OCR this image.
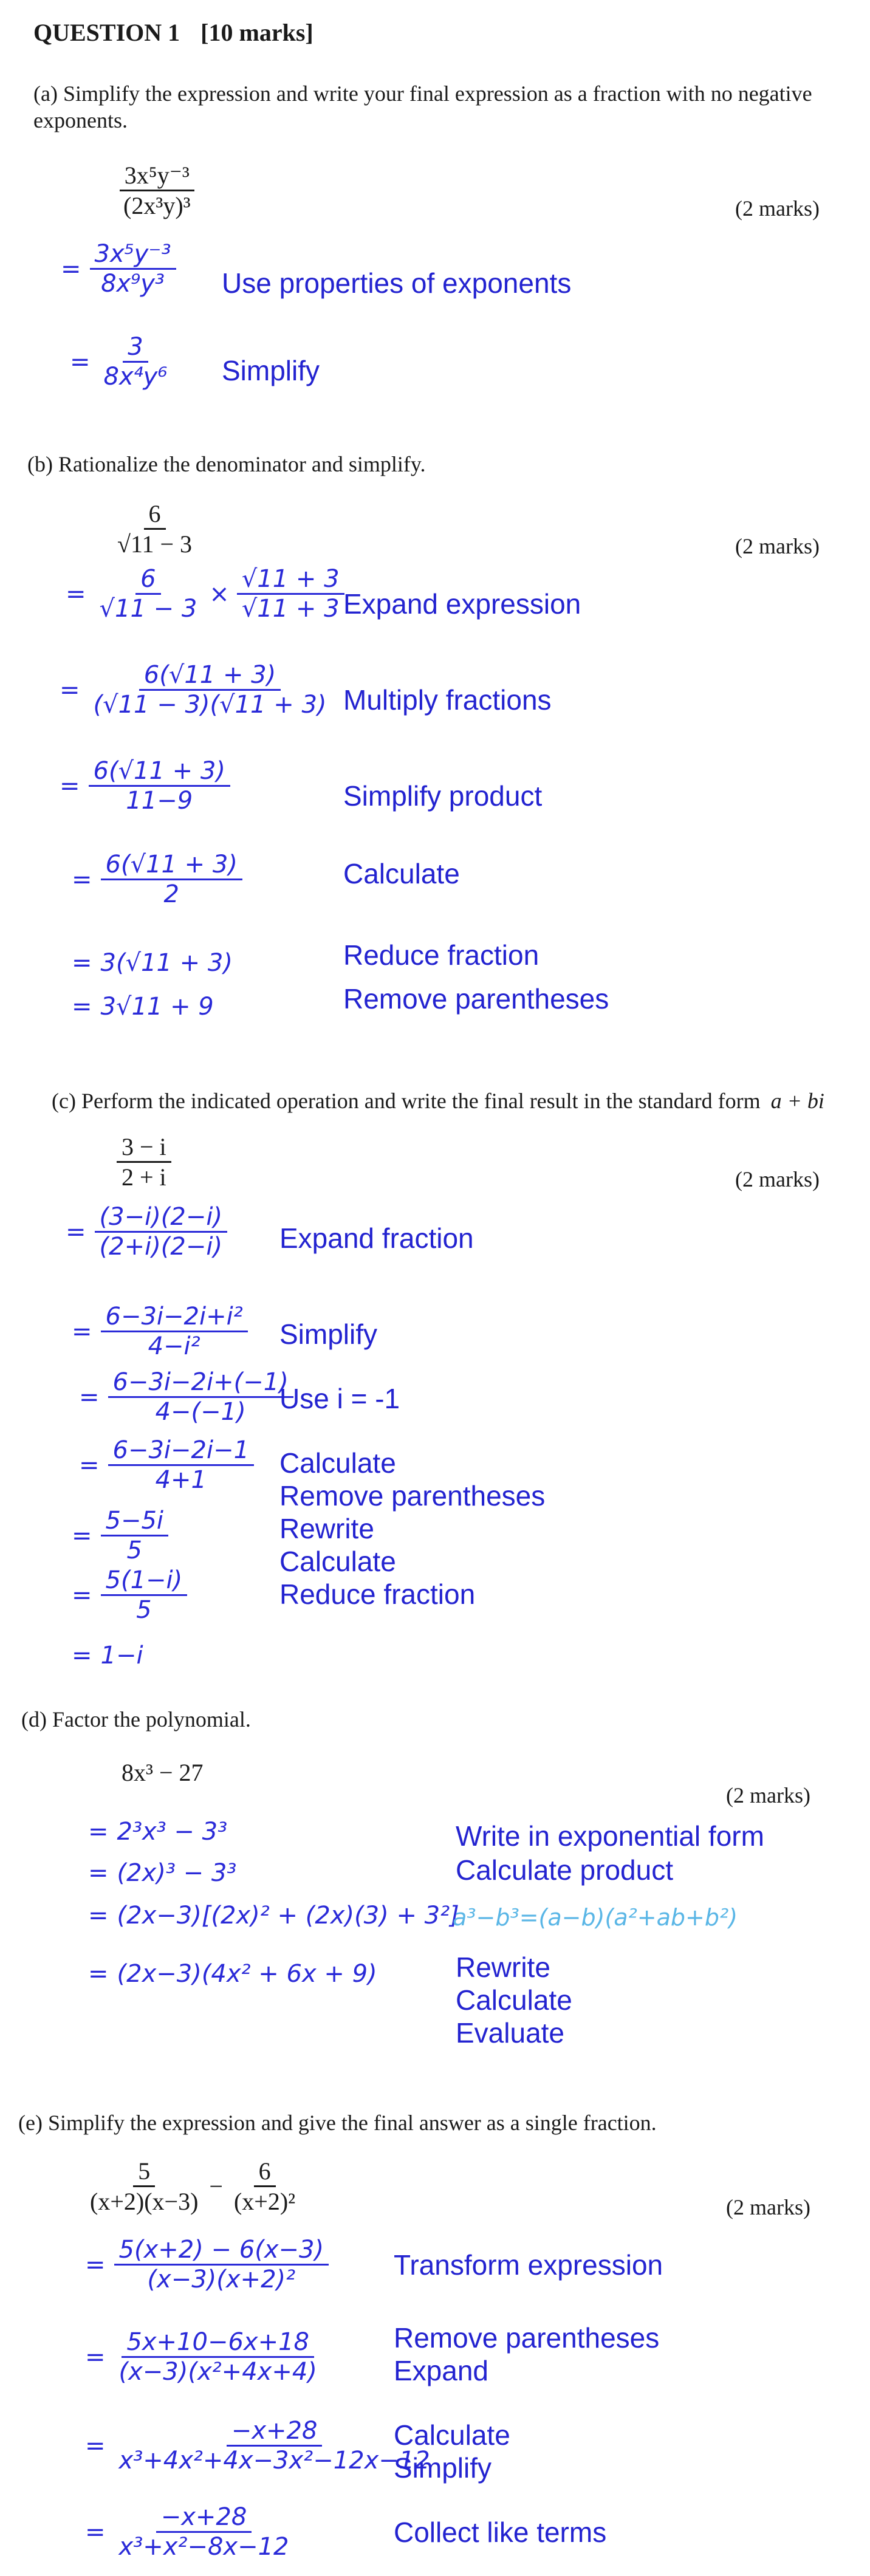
QUESTION 1 [10 marks]
(a) Simplify the expression and write your final expression as a fraction with no negative exponents.
$\frac{\text{3x⁵y⁻³}}{\text{(2x³y)³}}$	(2 marks)
= $\frac{\text{3x⁵y⁻³}}{\text{8x⁹y³}}$ Use properties of exponents
= $\frac{3}{\text{8x⁴y⁶}}$ Simplify
(b) Rationalize the denominator and simplify.
$\frac{6}{√11 - 3}$	(2 marks)
= $\frac{6}{√11 - 3} \times \frac{√11 + 3}{√11 + 3}$
Expand expression
= $\frac{6(√11 + 3)}{(√11 - 3)(√11 + 3)}$ Multiply fractions
= $\frac{6(√11 + 3)}{11-9}$	Simplify product
= $\frac{6(√11 + 3)}{2}$	Calculate
= 3(√11 + 3)	Reduce fraction
= 3√11 + 9	Remove parentheses
(c) Perform the indicated operation and write the final result in the standard form a + bi
$\frac{3 - i}{2 + i}$	(2 marks)
= $\frac{(3-i)(2-i)}{(2+i)(2-i)}$ Expand fraction
= $\frac{\text{6−3i−2i+i²}}{\text{4−i²}}$ Simplify
= $\frac{6-3i-2i+(-1)}{4-(-1)}$
Use i = -1
= $\frac{6-3i-2i-1}{4+1}$ Calculate
Remove parentheses
= $\frac{5-5i}{5}$	Rewrite
= $\frac{5(1-i)}{5}$
Calculate
Reduce fraction
= 1−i
(d) Factor the polynomial.
8x³ − 27
(2 marks)
= 2³x³ − 3³	Write in exponential form
= (2x)³ − 3³	Calculate product
= (2x−3)[(2x)² + (2x)(3) + 3²]
a³−b³=(a−b)(a²+ab+b²)
= (2x−3)(4x² + 6x + 9)	Rewrite
Calculate
Evaluate
(e) Simplify the expression and give the final answer as a single fraction.
$\frac{5}{(x+2)(x-3)} - \frac{6}{\text{(x+2)²}}$	(2 marks)
= $\frac{5(x+2) - 6(x-3)}{\text{(x−3)(x+2)²}}$ Transform expression
= $\frac{5x+10-6x+18}{\text{(x−3)(x²+4x+4)}}$	Remove parentheses
Expand
= $\frac{-x+28}{\text{x³+4x²+4x−3x²−12x−12}}$
Calculate
Simplify
= $\frac{-x+28}{\text{x³+x²−8x−12}}$	Collect like terms
